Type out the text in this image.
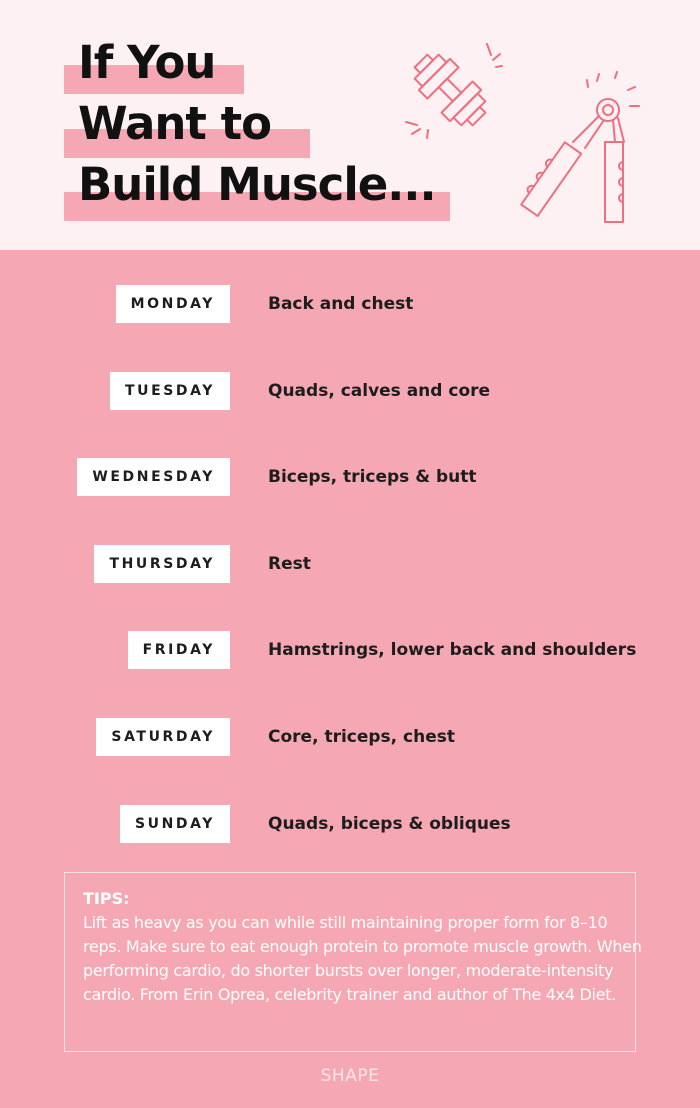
If You
Want to
Build Muscle...
MONDAY	Back and chest
TUESDAY	Quads, calves and core
WEDNESDAY	Biceps, triceps & butt
THURSDAY	Rest
FRIDAY	Hamstrings, lower back and shoulders
SATURDAY	Core, triceps, chest
SUNDAY	Quads, biceps & obliques
TIPS:
Lift as heavy as you can while still maintaining proper form for 8–10 reps. Make sure to eat enough protein to promote muscle growth. When performing cardio, do shorter bursts over longer, moderate-intensity cardio. From Erin Oprea, celebrity trainer and author of The 4x4 Diet.
SHAPE
